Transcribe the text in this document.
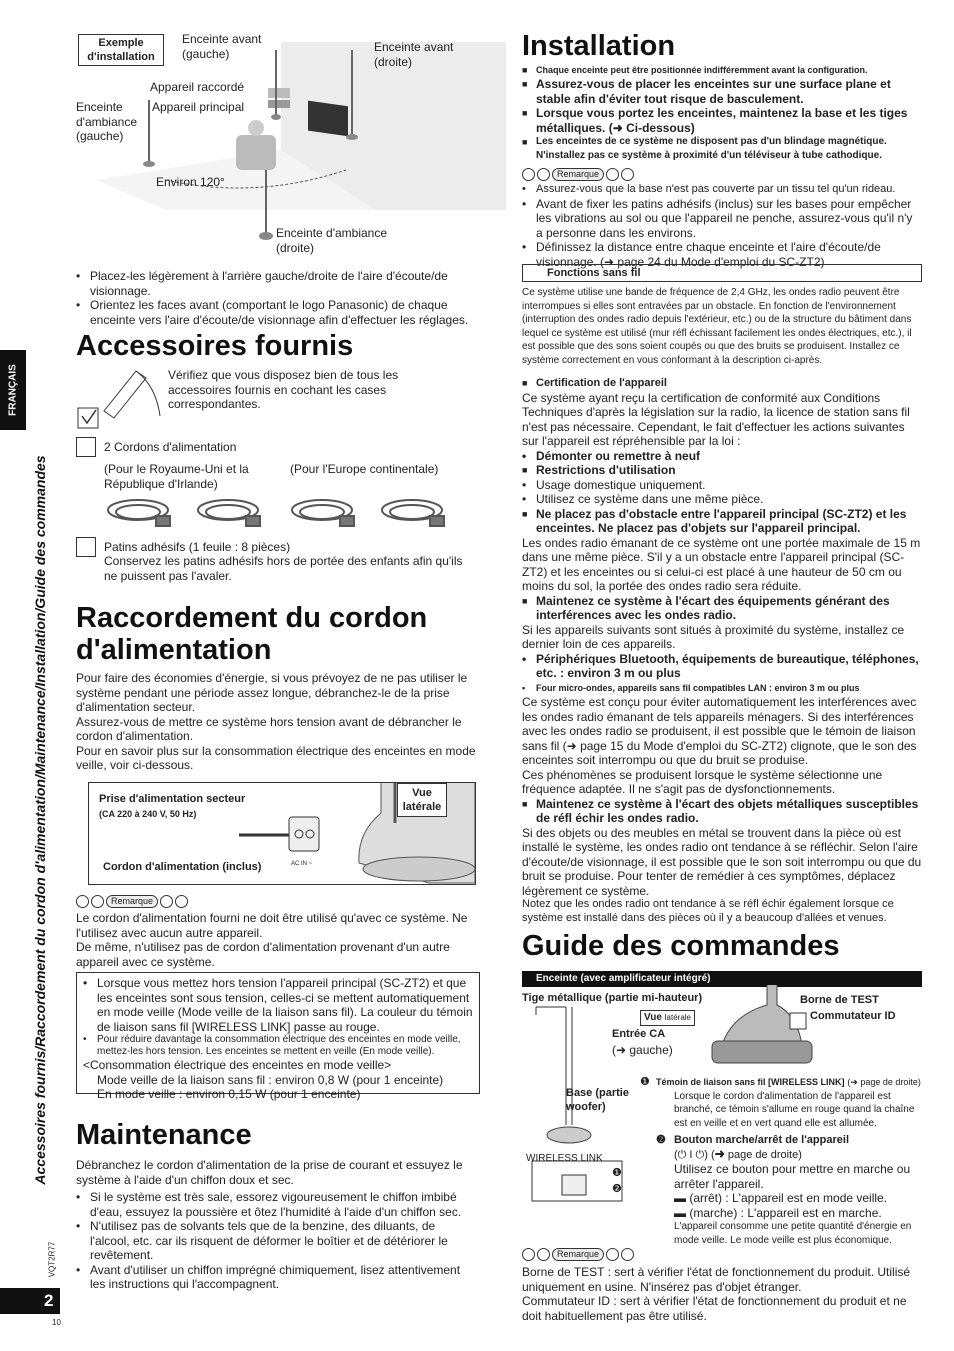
FRANÇAIS
Accessoires fournis/Raccordement du cordon d'alimentation/Maintenance/Installation/Guide des commandes
VQT2R77
2
10
Exemple d'installation
Enceinte avant (gauche)	Enceinte avant (droite)
Appareil raccordé
Appareil principal
Enceinte d'ambiance (gauche)
Environ 120°
Enceinte d'ambiance (droite)
• Placez-les légèrement à l'arrière gauche/droite de l'aire d'écoute/de visionnage.
• Orientez les faces avant (comportant le logo Panasonic) de chaque enceinte vers l'aire d'écoute/de visionnage afin d'effectuer les réglages.
Accessoires fournis
Vérifiez que vous disposez bien de tous les accessoires fournis en cochant les cases correspondantes.
2 Cordons d'alimentation
(Pour le Royaume-Uni et la République d'Irlande)
(Pour l'Europe continentale)
Patins adhésifs (1 feuile : 8 pièces)
Conservez les patins adhésifs hors de portée des enfants afin qu'ils ne puissent pas l'avaler.
Raccordement du cordon
d'alimentation
Pour faire des économies d'énergie, si vous prévoyez de ne pas utiliser le système pendant une période assez longue, débranchez-le de la prise d'alimentation secteur.
Assurez-vous de mettre ce système hors tension avant de débrancher le cordon d'alimentation.
Pour en savoir plus sur la consommation électrique des enceintes en mode veille, voir ci-dessous.
Vue latérale
Prise d'alimentation secteur
(CA 220 à 240 V, 50 Hz)
Cordon d'alimentation (inclus)	AC IN ~
Remarque
Le cordon d'alimentation fourni ne doit être utilisé qu'avec ce système. Ne l'utilisez avec aucun autre appareil.
De même, n'utilisez pas de cordon d'alimentation provenant d'un autre appareil avec ce système.
• Lorsque vous mettez hors tension l'appareil principal (SC-ZT2) et que les enceintes sont sous tension, celles-ci se mettent automatiquement en mode veille (Mode veille de la liaison sans fil). La couleur du témoin de liaison sans fil [WIRELESS LINK] passe au rouge.
• Pour réduire davantage la consommation électrique des enceintes en mode veille, mettez-les hors tension. Les enceintes se mettent en veille (En mode veille).
<Consommation électrique des enceintes en mode veille>
Mode veille de la liaison sans fil : environ 0,8 W (pour 1 enceinte)
En mode veille : environ 0,15 W (pour 1 enceinte)
Maintenance
Débranchez le cordon d'alimentation de la prise de courant et essuyez le système à l'aide d'un chiffon doux et sec.
• Si le système est très sale, essorez vigoureusement le chiffon imbibé d'eau, essuyez la poussière et ôtez l'humidité à l'aide d'un chiffon sec.
• N'utilisez pas de solvants tels que de la benzine, des diluants, de l'alcool, etc. car ils risquent de déformer le boîtier et de détériorer le revêtement.
• Avant d'utiliser un chiffon imprégné chimiquement, lisez attentivement les instructions qui l'accompagnent.
Installation
■ Chaque enceinte peut être positionnée indifféremment avant la configuration.
■ Assurez-vous de placer les enceintes sur une surface plane et stable afin d'éviter tout risque de basculement.
■ Lorsque vous portez les enceintes, maintenez la base et les tiges métalliques. (➜ Ci-dessous)
■ Les enceintes de ce système ne disposent pas d'un blindage magnétique. N'installez pas ce système à proximité d'un téléviseur à tube cathodique.
Remarque
• Assurez-vous que la base n'est pas couverte par un tissu tel qu'un rideau.
• Avant de fixer les patins adhésifs (inclus) sur les bases pour empêcher les vibrations au sol ou que l'appareil ne penche, assurez-vous qu'il n'y a personne dans les environs.
• Définissez la distance entre chaque enceinte et l'aire d'écoute/de visionnage. (➜ page 24 du Mode d'emploi du SC-ZT2)
Fonctions sans fil
Ce système utilise une bande de fréquence de 2,4 GHz, les ondes radio peuvent être interrompues si elles sont entravées par un obstacle. En fonction de l'environnement (interruption des ondes radio depuis l'extérieur, etc.) ou de la structure du bâtiment dans lequel ce système est utilisé (mur réfl échissant facilement les ondes électriques, etc.), il est possible que des sons soient coupés ou que des bruits se produisent. Installez ce système correctement en vous conformant à la description ci-après.
■ Certification de l'appareil
Ce système ayant reçu la certification de conformité aux Conditions Techniques d'après la législation sur la radio, la licence de station sans fil n'est pas nécessaire. Cependant, le fait d'effectuer les actions suivantes sur l'appareil est répréhensible par la loi :
• Démonter ou remettre à neuf
■ Restrictions d'utilisation
• Usage domestique uniquement.
• Utilisez ce système dans une même pièce.
■ Ne placez pas d'obstacle entre l'appareil principal (SC-ZT2) et les enceintes. Ne placez pas d'objets sur l'appareil principal.
Les ondes radio émanant de ce système ont une portée maximale de 15 m dans une même pièce. S'il y a un obstacle entre l'appareil principal (SC-ZT2) et les enceintes ou si celui-ci est placé à une hauteur de 50 cm ou moins du sol, la portée des ondes radio sera réduite.
■ Maintenez ce système à l'écart des équipements générant des interférences avec les ondes radio.
Si les appareils suivants sont situés à proximité du système, installez ce dernier loin de ces appareils.
• Périphériques Bluetooth, équipements de bureautique, téléphones, etc. : environ 3 m ou plus
• Four micro-ondes, appareils sans fil compatibles LAN : environ 3 m ou plus
Ce système est conçu pour éviter automatiquement les interférences avec les ondes radio émanant de tels appareils ménagers. Si des interférences avec les ondes radio se produisent, il est possible que le témoin de liaison sans fil (➜ page 15 du Mode d'emploi du SC-ZT2) clignote, que le son des enceintes soit interrompu ou que du bruit se produise.
Ces phénomènes se produisent lorsque le système sélectionne une fréquence adaptée. Il ne s'agit pas de dysfonctionnements.
■ Maintenez ce système à l'écart des objets métalliques susceptibles de réfl échir les ondes radio.
Si des objets ou des meubles en métal se trouvent dans la pièce où est installé le système, les ondes radio ont tendance à se réfléchir. Selon l'aire d'écoute/de visionnage, il est possible que le son soit interrompu ou que du bruit se produise. Pour tenter de remédier à ces symptômes, déplacez légèrement ce système.
Notez que les ondes radio ont tendance à se réfl échir également lorsque ce système est installé dans des pièces où il y a beaucoup d'allées et venues.
Guide des commandes
Enceinte (avec amplificateur intégré)
Tige métallique (partie mi-hauteur)	Borne de TEST
Commutateur ID
Vue latérale
Entrée CA
(➜ gauche)
Base (partie woofer)
WIRELESS LINK
❶
❷
❶ Témoin de liaison sans fil [WIRELESS LINK] (➜ page de droite)
Lorsque le cordon d'alimentation de l'appareil est branché, ce témoin s'allume en rouge quand la chaîne est en veille et en vert quand elle est allumée.
❷ Bouton marche/arrêt de l'appareil
(⏻ I ⏻) (➜ page de droite)
Utilisez ce bouton pour mettre en marche ou arrêter l'appareil.
▬ (arrêt) : L'appareil est en mode veille.
▬ (marche) : L'appareil est en marche.
L'appareil consomme une petite quantité d'énergie en mode veille. Le mode veille est plus économique.
Remarque
Borne de TEST : sert à vérifier l'état de fonctionnement du produit. Utilisé uniquement en usine. N'insérez pas d'objet étranger.
Commutateur ID : sert à vérifier l'état de fonctionnement du produit et ne doit habituellement pas être utilisé.
